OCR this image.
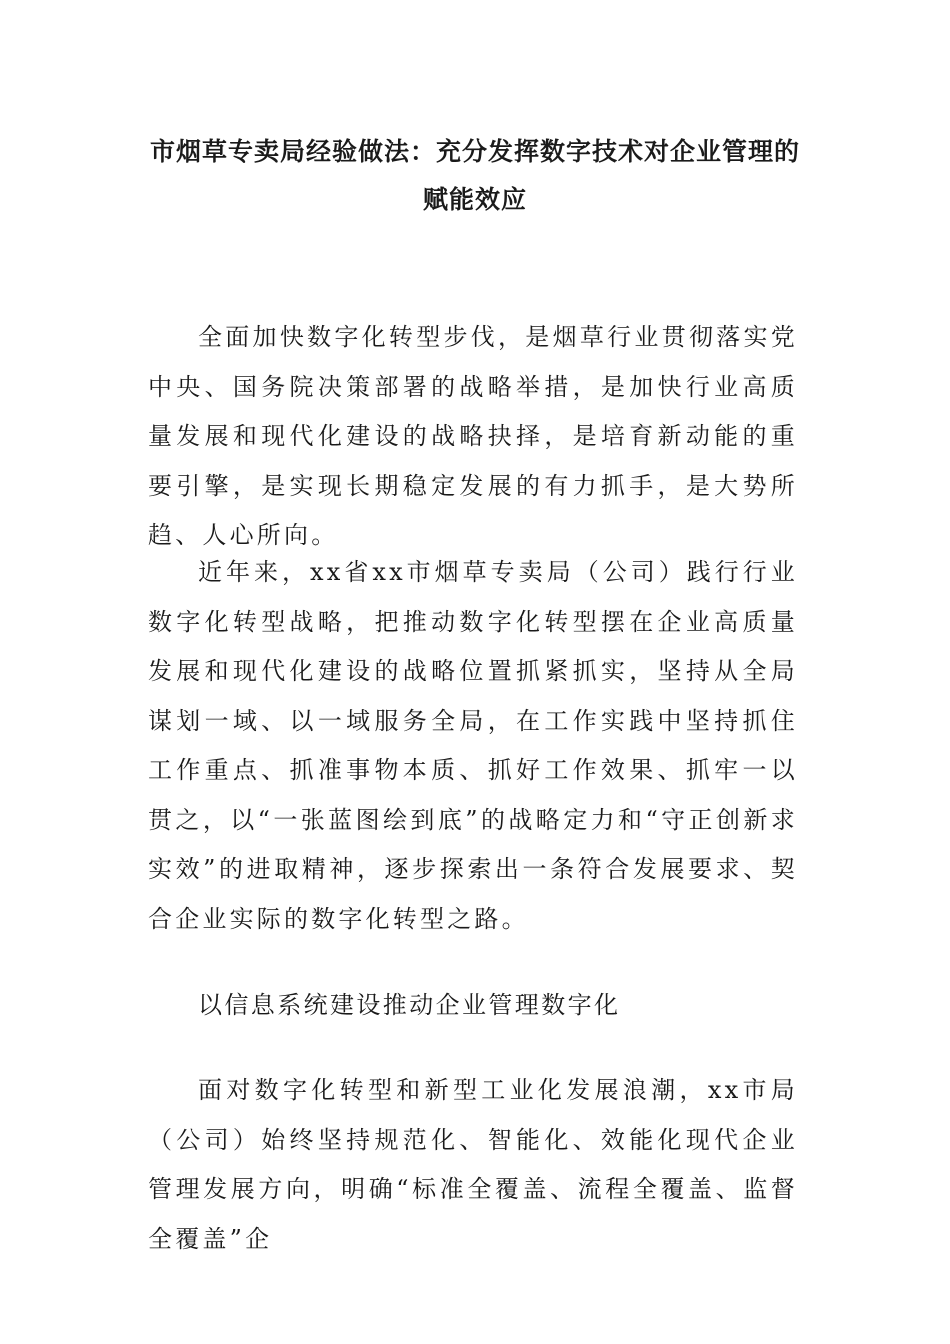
市烟草专卖局经验做法：充分发挥数字技术对企业管理的赋能效应

全面加快数字化转型步伐，是烟草行业贯彻落实党中央、国务院决策部署的战略举措，是加快行业高质量发展和现代化建设的战略抉择，是培育新动能的重要引擎，是实现长期稳定发展的有力抓手，是大势所趋、人心所向。

近年来，xx省xx市烟草专卖局（公司）践行行业数字化转型战略，把推动数字化转型摆在企业高质量发展和现代化建设的战略位置抓紧抓实，坚持从全局谋划一域、以一域服务全局，在工作实践中坚持抓住工作重点、抓准事物本质、抓好工作效果、抓牢一以贯之，以“一张蓝图绘到底”的战略定力和“守正创新求实效”的进取精神，逐步探索出一条符合发展要求、契合企业实际的数字化转型之路。

以信息系统建设推动企业管理数字化

面对数字化转型和新型工业化发展浪潮，xx市局（公司）始终坚持规范化、智能化、效能化现代企业管理发展方向，明确“标准全覆盖、流程全覆盖、监督全覆盖”企
